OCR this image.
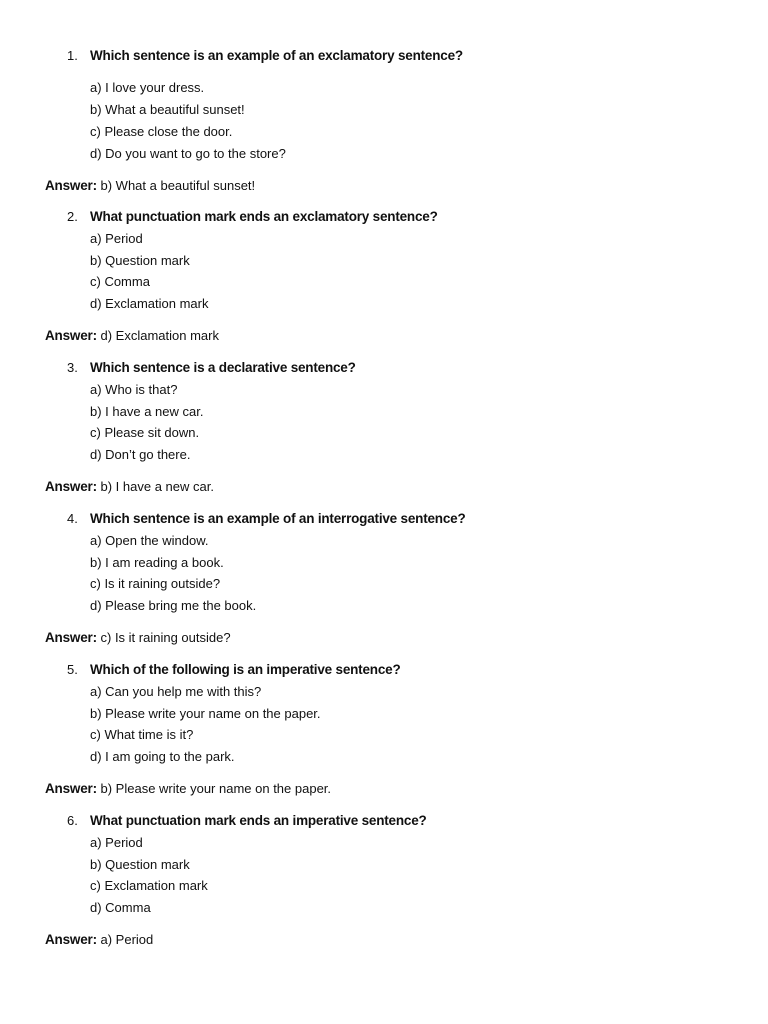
1. Which sentence is an example of an exclamatory sentence?
a) I love your dress.
b) What a beautiful sunset!
c) Please close the door.
d) Do you want to go to the store?
Answer: b) What a beautiful sunset!
2. What punctuation mark ends an exclamatory sentence?
a) Period
b) Question mark
c) Comma
d) Exclamation mark
Answer: d) Exclamation mark
3. Which sentence is a declarative sentence?
a) Who is that?
b) I have a new car.
c) Please sit down.
d) Don’t go there.
Answer: b) I have a new car.
4. Which sentence is an example of an interrogative sentence?
a) Open the window.
b) I am reading a book.
c) Is it raining outside?
d) Please bring me the book.
Answer: c) Is it raining outside?
5. Which of the following is an imperative sentence?
a) Can you help me with this?
b) Please write your name on the paper.
c) What time is it?
d) I am going to the park.
Answer: b) Please write your name on the paper.
6. What punctuation mark ends an imperative sentence?
a) Period
b) Question mark
c) Exclamation mark
d) Comma
Answer: a) Period
